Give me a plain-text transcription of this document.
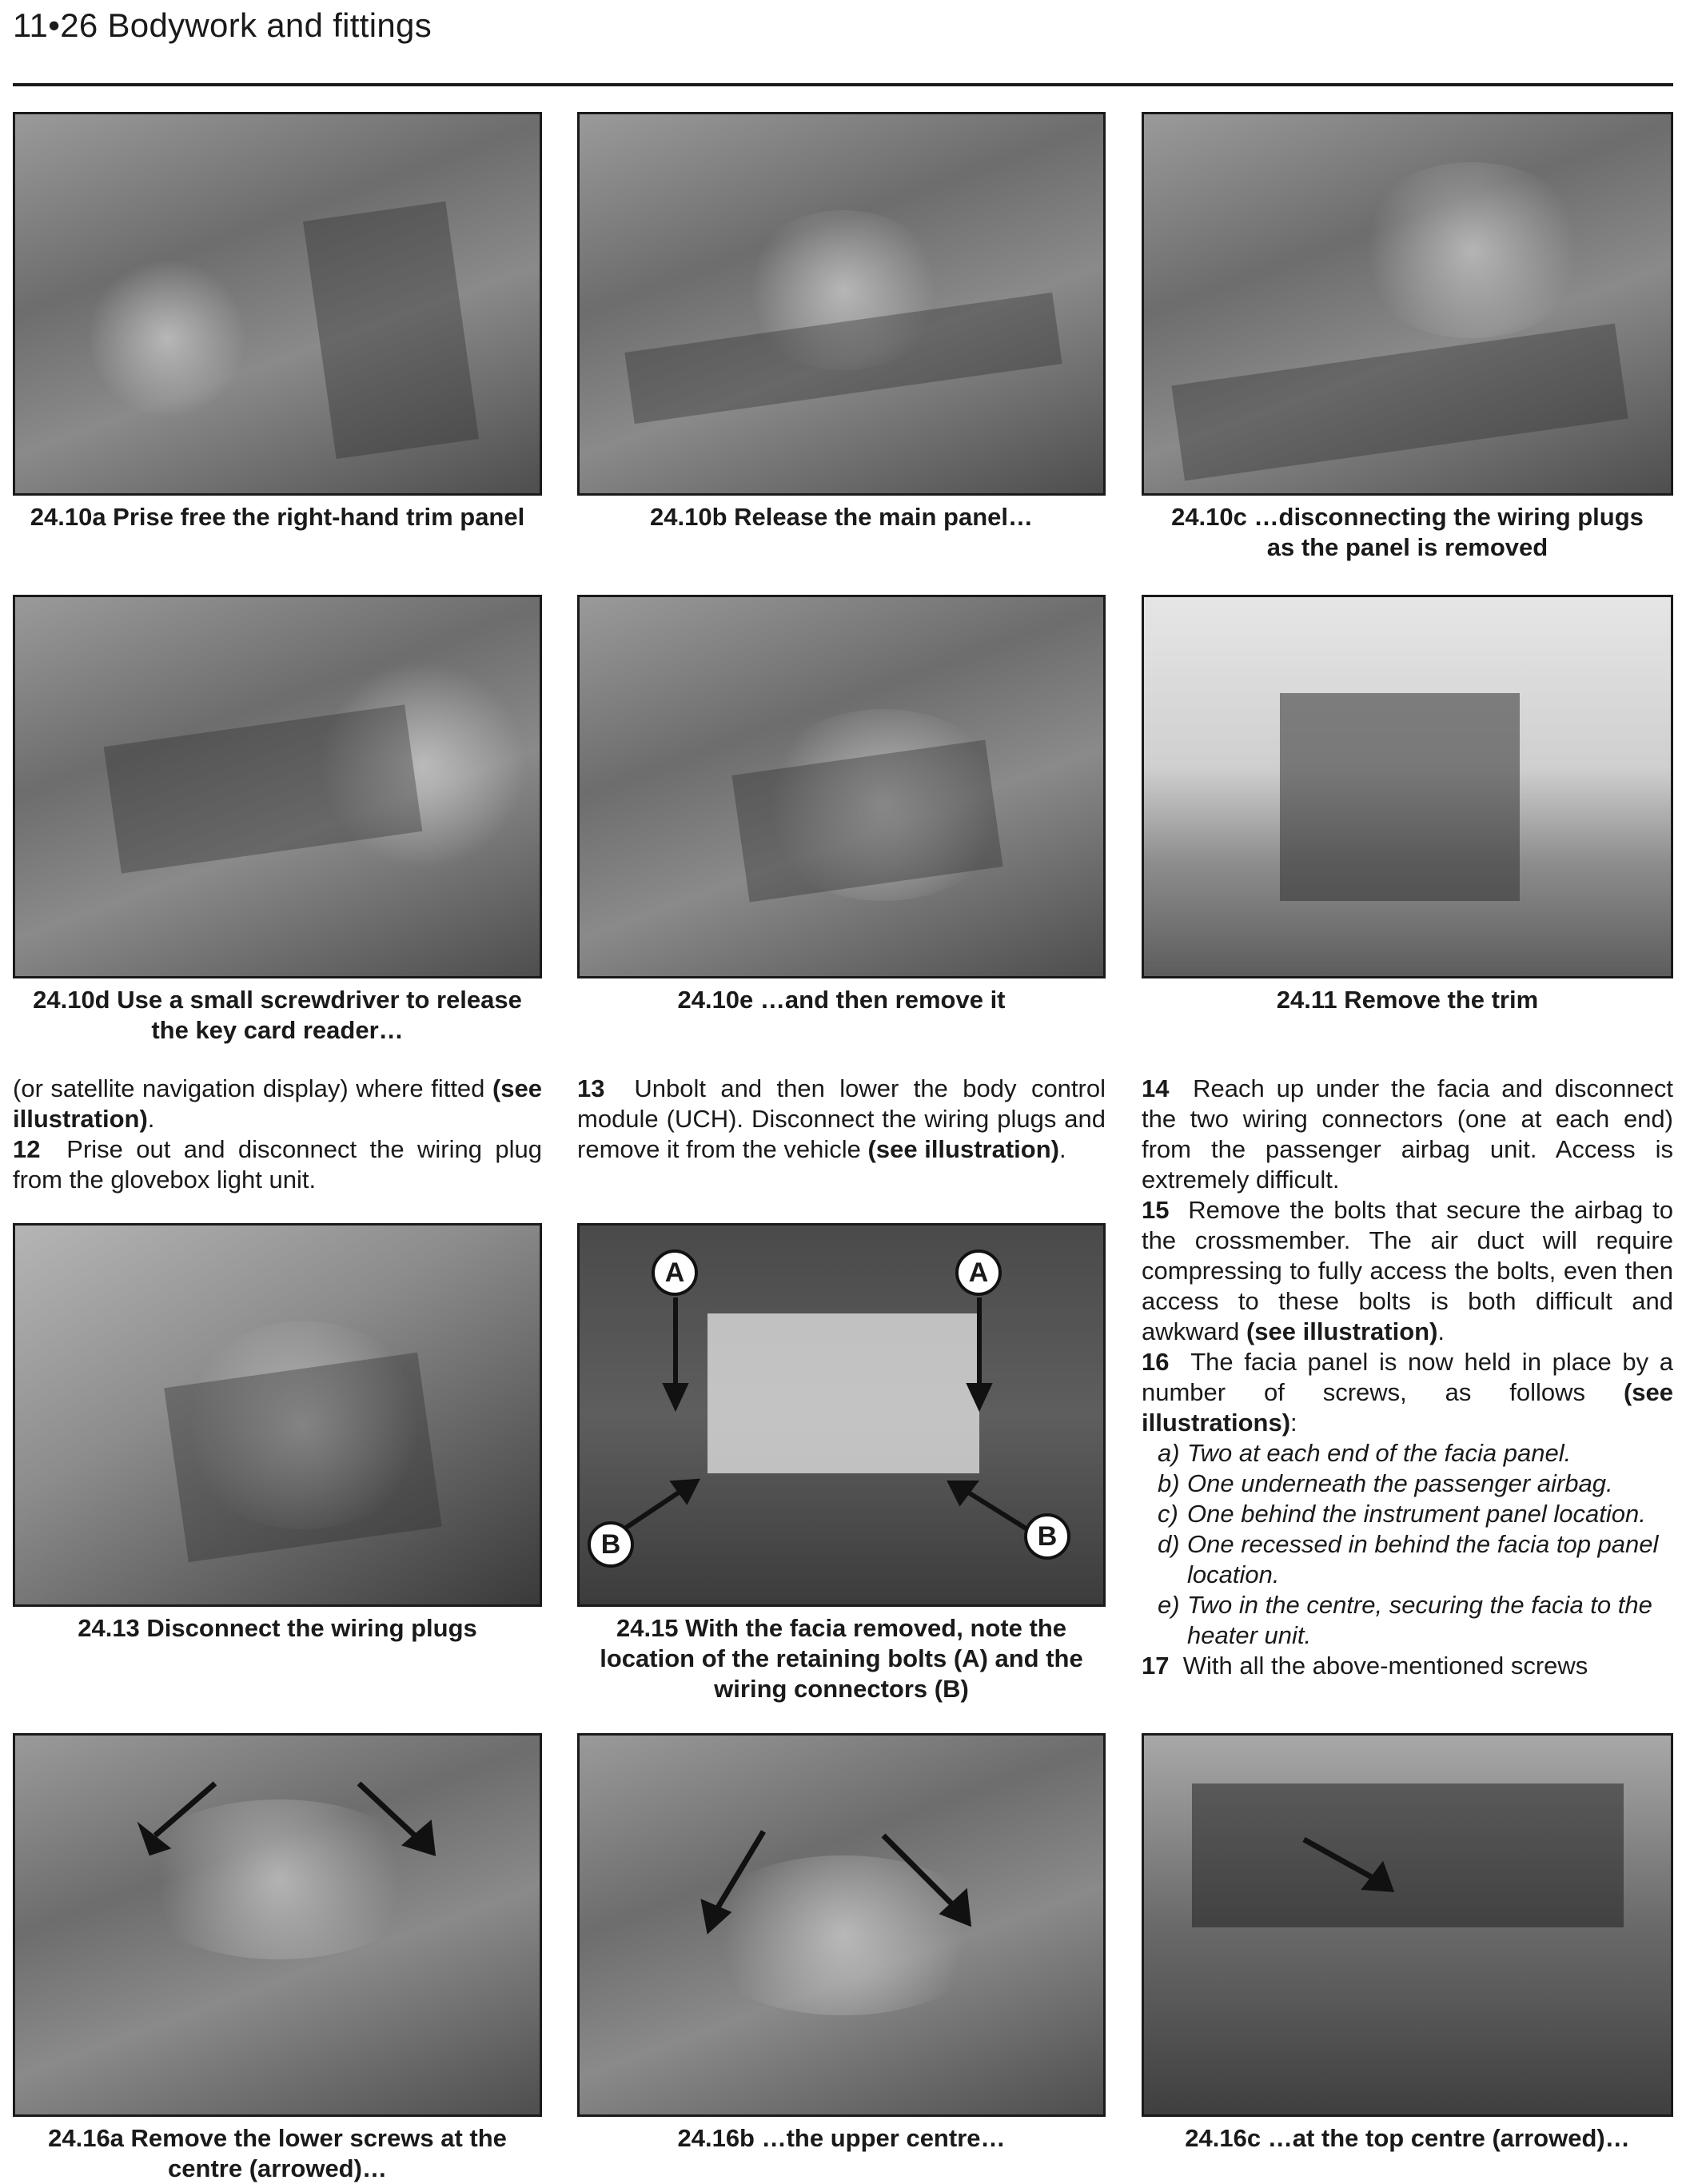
11•26 Bodywork and fittings
24.10a Prise free the right-hand trim panel	24.10b Release the main panel…	24.10c …disconnecting the wiring plugs
as the panel is removed
24.10d Use a small screwdriver to release
the key card reader…
24.10e …and then remove it	24.11 Remove the trim

(or satellite navigation display) where fitted (see illustration).

12 Prise out and disconnect the wiring plug from the glovebox light unit.

13 Unbolt and then lower the body control module (UCH). Disconnect the wiring plugs and remove it from the vehicle (see illustration).

14 Reach up under the facia and disconnect the two wiring connectors (one at each end) from the passenger airbag unit. Access is extremely difficult.

15 Remove the bolts that secure the airbag to the crossmember. The air duct will require compressing to fully access the bolts, even then access to these bolts is both difficult and awkward (see illustration).

16 The facia panel is now held in place by a number of screws, as follows (see illustrations):

a) Two at each end of the facia panel.
b) One underneath the passenger airbag.
c) One behind the instrument panel location.
d) One recessed in behind the facia top panel location.
e) Two in the centre, securing the facia to the heater unit.

17 With all the above-mentioned screws

24.13 Disconnect the wiring plugs
A	A
B	B
24.15 With the facia removed, note the
location of the retaining bolts (A) and the
wiring connectors (B)
24.16a Remove the lower screws at the
centre (arrowed)…
24.16b …the upper centre…	24.16c …at the top centre (arrowed)…
